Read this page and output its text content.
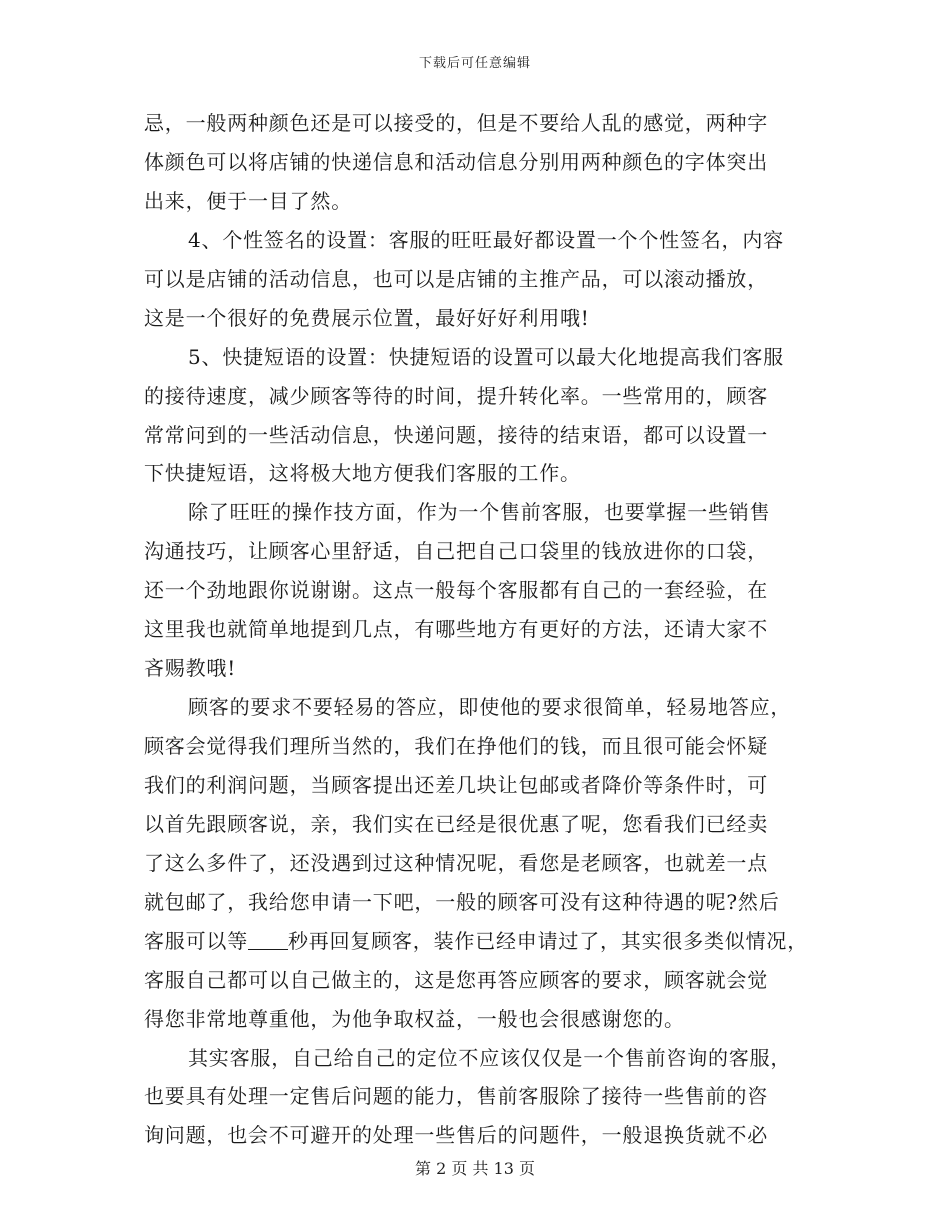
下载后可任意编辑
忌，一般两种颜色还是可以接受的，但是不要给人乱的感觉，两种字
体颜色可以将店铺的快递信息和活动信息分别用两种颜色的字体突出
出来，便于一目了然。
4、个性签名的设置：客服的旺旺最好都设置一个个性签名，内容
可以是店铺的活动信息，也可以是店铺的主推产品，可以滚动播放，
这是一个很好的免费展示位置，最好好好利用哦!
5、快捷短语的设置：快捷短语的设置可以最大化地提高我们客服
的接待速度，减少顾客等待的时间，提升转化率。一些常用的，顾客
常常问到的一些活动信息，快递问题，接待的结束语，都可以设置一
下快捷短语，这将极大地方便我们客服的工作。
除了旺旺的操作技方面，作为一个售前客服，也要掌握一些销售
沟通技巧，让顾客心里舒适，自己把自己口袋里的钱放进你的口袋，
还一个劲地跟你说谢谢。这点一般每个客服都有自己的一套经验，在
这里我也就简单地提到几点，有哪些地方有更好的方法，还请大家不
吝赐教哦!
顾客的要求不要轻易的答应，即使他的要求很简单，轻易地答应，
顾客会觉得我们理所当然的，我们在挣他们的钱，而且很可能会怀疑
我们的利润问题，当顾客提出还差几块让包邮或者降价等条件时，可
以首先跟顾客说，亲，我们实在已经是很优惠了呢，您看我们已经卖
了这么多件了，还没遇到过这种情况呢，看您是老顾客，也就差一点
就包邮了，我给您申请一下吧，一般的顾客可没有这种待遇的呢?然后
客服可以等 秒再回复顾客，装作已经申请过了，其实很多类似情况，
客服自己都可以自己做主的，这是您再答应顾客的要求，顾客就会觉
得您非常地尊重他，为他争取权益，一般也会很感谢您的。
其实客服，自己给自己的定位不应该仅仅是一个售前咨询的客服，
也要具有处理一定售后问题的能力，售前客服除了接待一些售前的咨
询问题，也会不可避开的处理一些售后的问题件，一般退换货就不必
第 2 页 共 13 页
